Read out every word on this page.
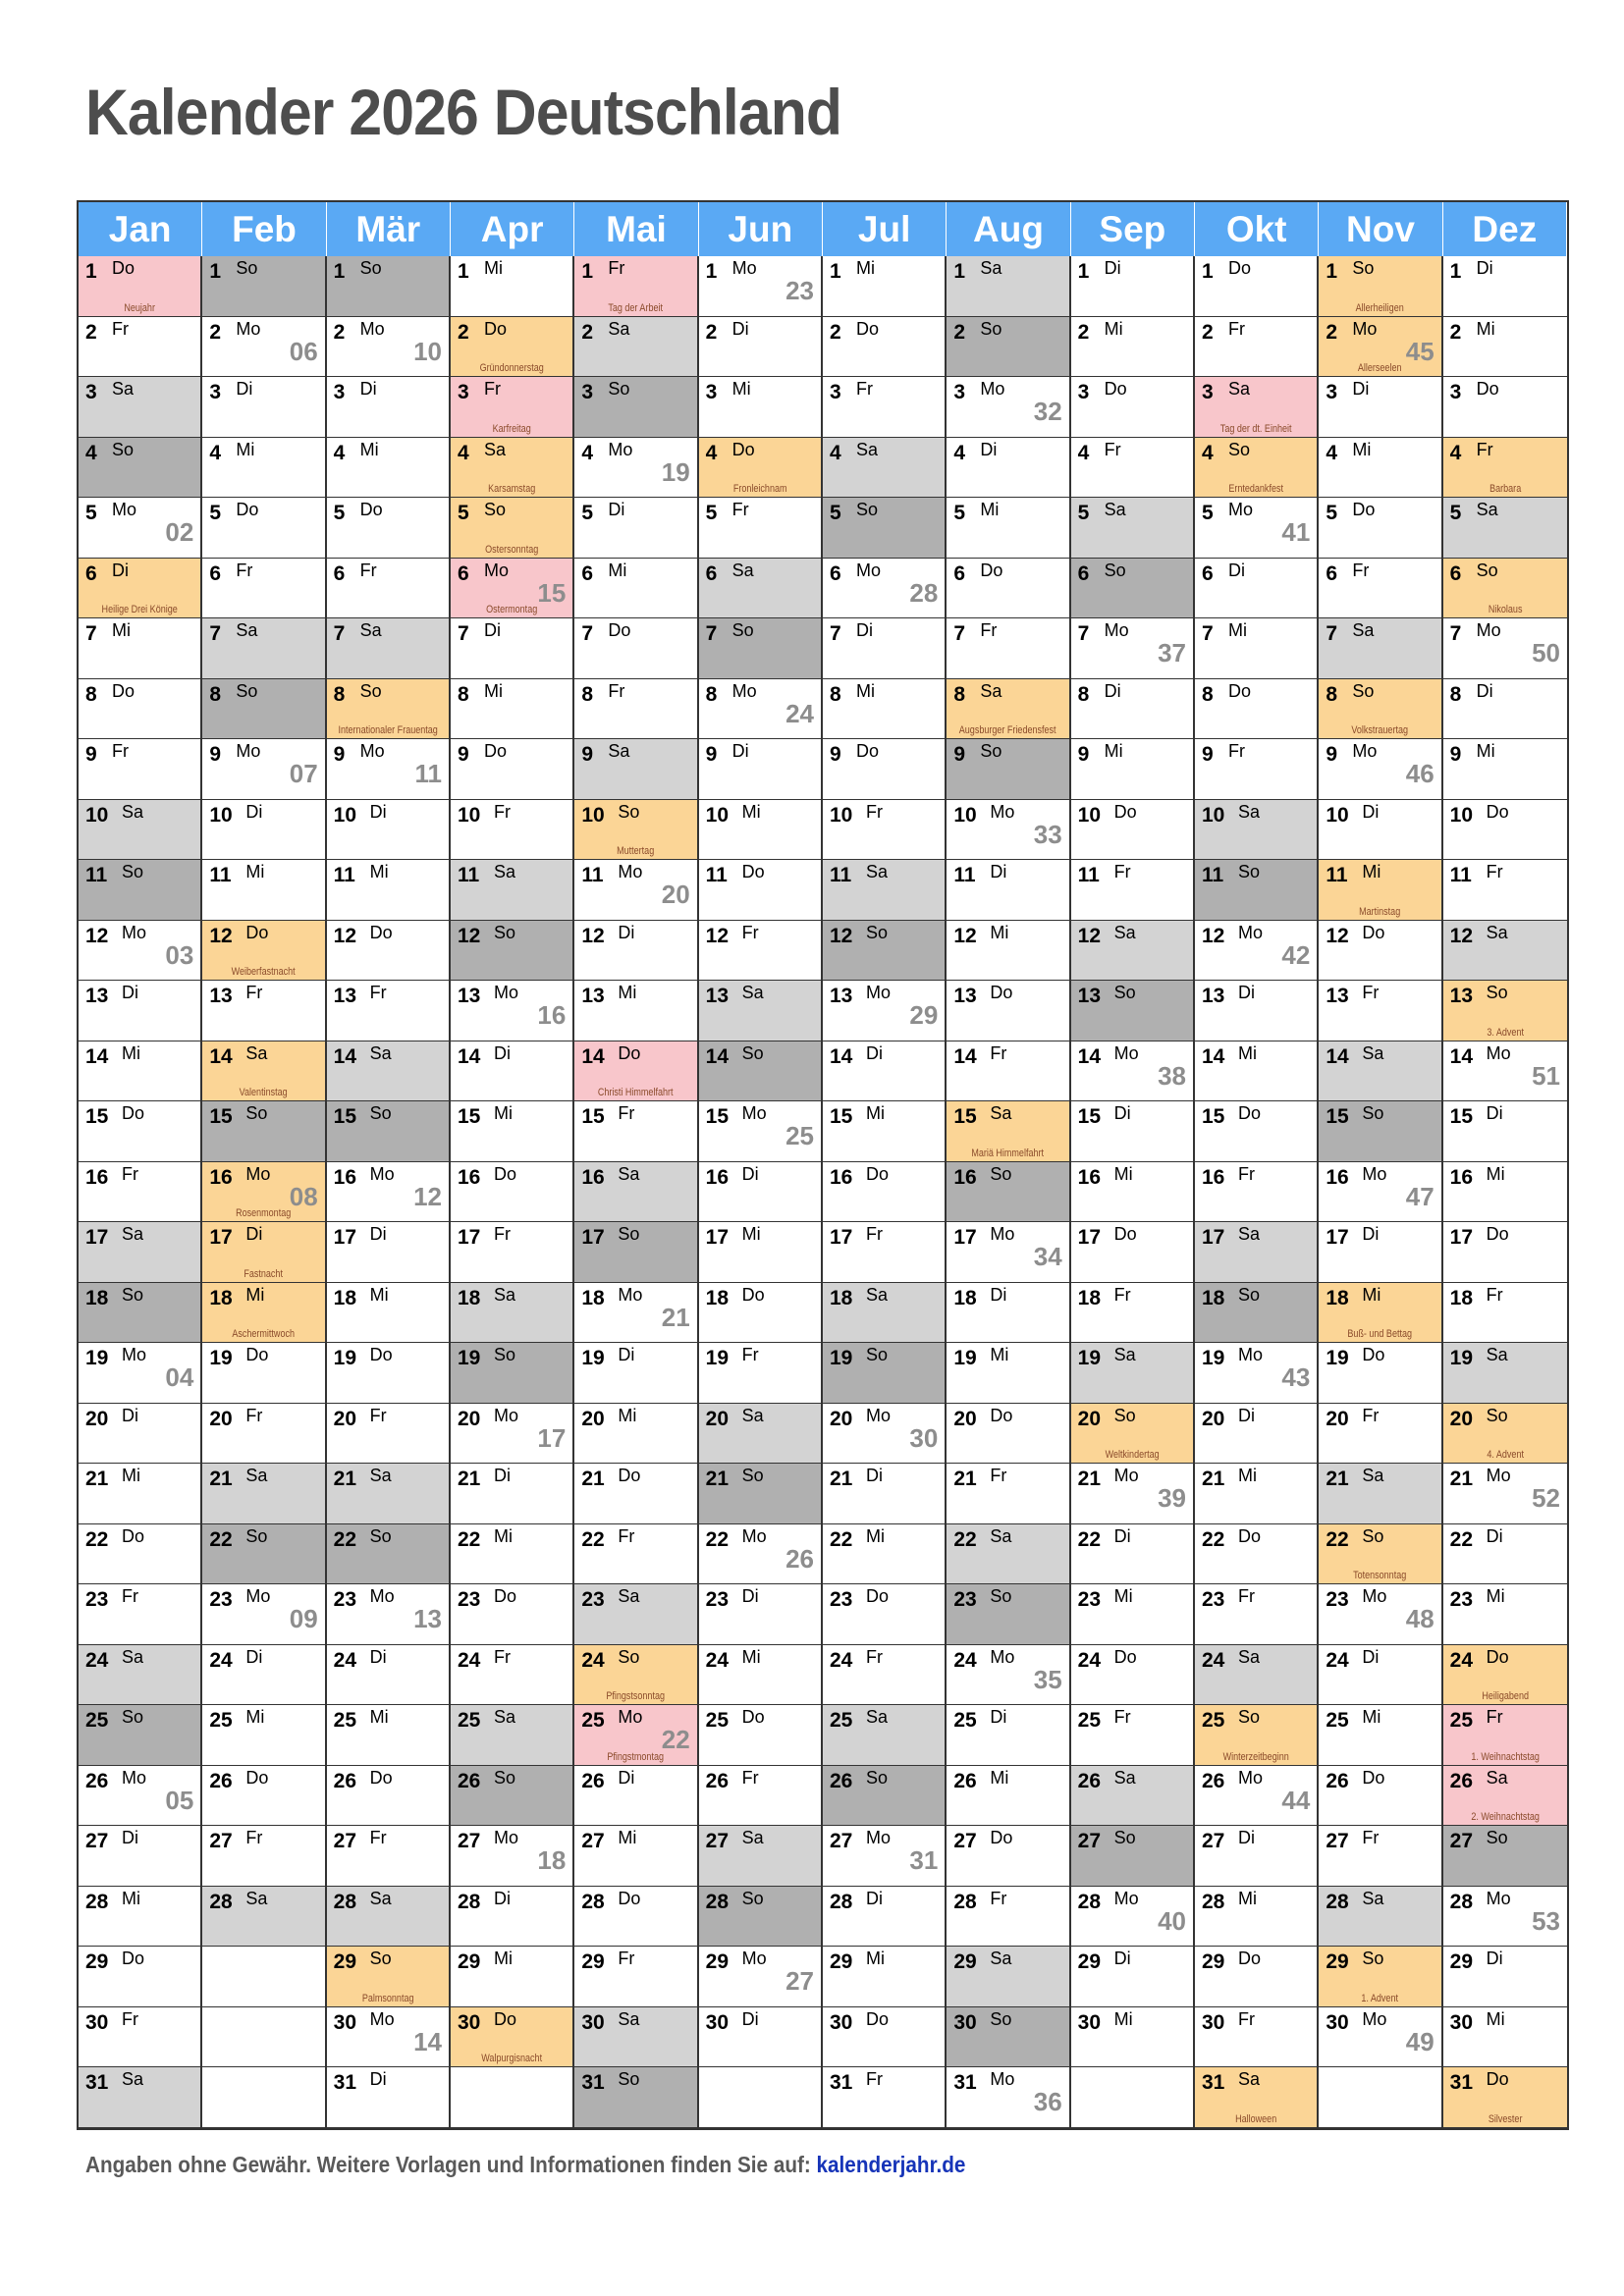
Kalender 2026 Deutschland
Jan
1 Do
Neujahr
2 Fr
3 Sa
4 So
5 Mo
02
6 Di
Heilige Drei Könige
7 Mi
8 Do
9 Fr
10 Sa
11 So
12 Mo
03
13 Di
14 Mi
15 Do
16 Fr
17 Sa
18 So
19 Mo
04
20 Di
21 Mi
22 Do
23 Fr
24 Sa
25 So
26 Mo
05
27 Di
28 Mi
29 Do
30 Fr
31 Sa
Feb
1 So
2 Mo
06
3 Di
4 Mi
5 Do
6 Fr
7 Sa
8 So
9 Mo
07
10 Di
11 Mi
12 Do
Weiberfastnacht
13 Fr
14 Sa
Valentinstag
15 So
16 Mo
08
Rosenmontag
17 Di
Fastnacht
18 Mi
Aschermittwoch
19 Do
20 Fr
21 Sa
22 So
23 Mo
09
24 Di
25 Mi
26 Do
27 Fr
28 Sa
Mär
1 So
2 Mo
10
3 Di
4 Mi
5 Do
6 Fr
7 Sa
8 So
Internationaler Frauentag
9 Mo
11
10 Di
11 Mi
12 Do
13 Fr
14 Sa
15 So
16 Mo
12
17 Di
18 Mi
19 Do
20 Fr
21 Sa
22 So
23 Mo
13
24 Di
25 Mi
26 Do
27 Fr
28 Sa
29 So
Palmsonntag
30 Mo
14
31 Di
Apr
1 Mi
2 Do
Gründonnerstag
3 Fr
Karfreitag
4 Sa
Karsamstag
5 So
Ostersonntag
6 Mo
15
Ostermontag
7 Di
8 Mi
9 Do
10 Fr
11 Sa
12 So
13 Mo
16
14 Di
15 Mi
16 Do
17 Fr
18 Sa
19 So
20 Mo
17
21 Di
22 Mi
23 Do
24 Fr
25 Sa
26 So
27 Mo
18
28 Di
29 Mi
30 Do
Walpurgisnacht
Mai
1 Fr
Tag der Arbeit
2 Sa
3 So
4 Mo
19
5 Di
6 Mi
7 Do
8 Fr
9 Sa
10 So
Muttertag
11 Mo
20
12 Di
13 Mi
14 Do
Christi Himmelfahrt
15 Fr
16 Sa
17 So
18 Mo
21
19 Di
20 Mi
21 Do
22 Fr
23 Sa
24 So
Pfingstsonntag
25 Mo
22
Pfingstmontag
26 Di
27 Mi
28 Do
29 Fr
30 Sa
31 So
Jun
1 Mo
23
2 Di
3 Mi
4 Do
Fronleichnam
5 Fr
6 Sa
7 So
8 Mo
24
9 Di
10 Mi
11 Do
12 Fr
13 Sa
14 So
15 Mo
25
16 Di
17 Mi
18 Do
19 Fr
20 Sa
21 So
22 Mo
26
23 Di
24 Mi
25 Do
26 Fr
27 Sa
28 So
29 Mo
27
30 Di
Jul
1 Mi
2 Do
3 Fr
4 Sa
5 So
6 Mo
28
7 Di
8 Mi
9 Do
10 Fr
11 Sa
12 So
13 Mo
29
14 Di
15 Mi
16 Do
17 Fr
18 Sa
19 So
20 Mo
30
21 Di
22 Mi
23 Do
24 Fr
25 Sa
26 So
27 Mo
31
28 Di
29 Mi
30 Do
31 Fr
Aug
1 Sa
2 So
3 Mo
32
4 Di
5 Mi
6 Do
7 Fr
8 Sa
Augsburger Friedensfest
9 So
10 Mo
33
11 Di
12 Mi
13 Do
14 Fr
15 Sa
Mariä Himmelfahrt
16 So
17 Mo
34
18 Di
19 Mi
20 Do
21 Fr
22 Sa
23 So
24 Mo
35
25 Di
26 Mi
27 Do
28 Fr
29 Sa
30 So
31 Mo
36
Sep
1 Di
2 Mi
3 Do
4 Fr
5 Sa
6 So
7 Mo
37
8 Di
9 Mi
10 Do
11 Fr
12 Sa
13 So
14 Mo
38
15 Di
16 Mi
17 Do
18 Fr
19 Sa
20 So
Weltkindertag
21 Mo
39
22 Di
23 Mi
24 Do
25 Fr
26 Sa
27 So
28 Mo
40
29 Di
30 Mi
Okt
1 Do
2 Fr
3 Sa
Tag der dt. Einheit
4 So
Erntedankfest
5 Mo
41
6 Di
7 Mi
8 Do
9 Fr
10 Sa
11 So
12 Mo
42
13 Di
14 Mi
15 Do
16 Fr
17 Sa
18 So
19 Mo
43
20 Di
21 Mi
22 Do
23 Fr
24 Sa
25 So
Winterzeitbeginn
26 Mo
44
27 Di
28 Mi
29 Do
30 Fr
31 Sa
Halloween
Nov
1 So
Allerheiligen
2 Mo
45
Allerseelen
3 Di
4 Mi
5 Do
6 Fr
7 Sa
8 So
Volkstrauertag
9 Mo
46
10 Di
11 Mi
Martinstag
12 Do
13 Fr
14 Sa
15 So
16 Mo
47
17 Di
18 Mi
Buß- und Bettag
19 Do
20 Fr
21 Sa
22 So
Totensonntag
23 Mo
48
24 Di
25 Mi
26 Do
27 Fr
28 Sa
29 So
1. Advent
30 Mo
49
Dez
1 Di
2 Mi
3 Do
4 Fr
Barbara
5 Sa
6 So
Nikolaus
7 Mo
50
8 Di
9 Mi
10 Do
11 Fr
12 Sa
13 So
3. Advent
14 Mo
51
15 Di
16 Mi
17 Do
18 Fr
19 Sa
20 So
4. Advent
21 Mo
52
22 Di
23 Mi
24 Do
Heiligabend
25 Fr
1. Weihnachtstag
26 Sa
2. Weihnachtstag
27 So
28 Mo
53
29 Di
30 Mi
31 Do
Silvester
Angaben ohne Gewähr. Weitere Vorlagen und Informationen finden Sie auf: kalenderjahr.de
